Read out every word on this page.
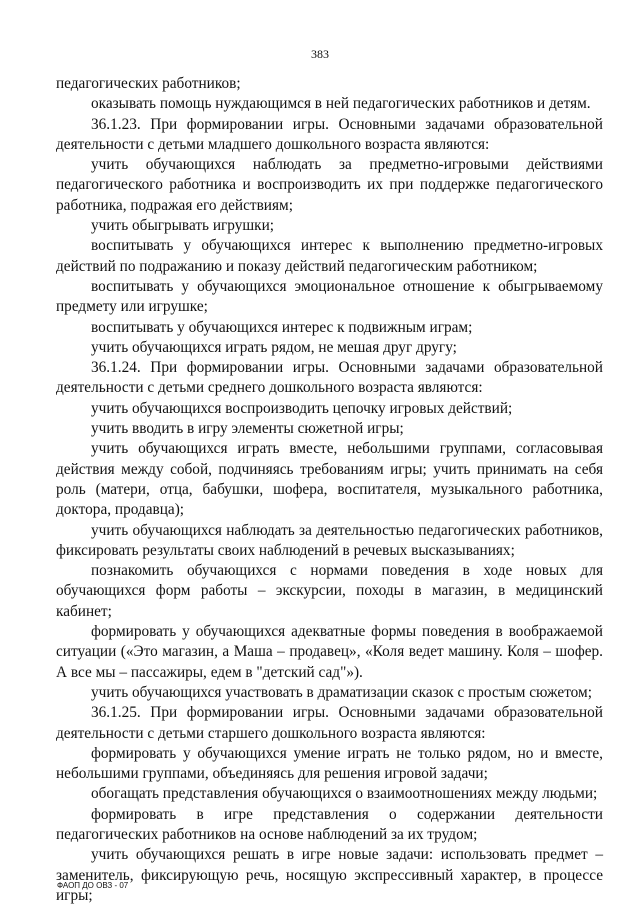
383

педагогических работников;

оказывать помощь нуждающимся в ней педагогических работников и детям.

36.1.23. При формировании игры. Основными задачами образовательной деятельности с детьми младшего дошкольного возраста являются:

учить обучающихся наблюдать за предметно-игровыми действиями педагогического работника и воспроизводить их при поддержке педагогического работника, подражая его действиям;

учить обыгрывать игрушки;

воспитывать у обучающихся интерес к выполнению предметно-игровых действий по подражанию и показу действий педагогическим работником;

воспитывать у обучающихся эмоциональное отношение к обыгрываемому предмету или игрушке;

воспитывать у обучающихся интерес к подвижным играм;

учить обучающихся играть рядом, не мешая друг другу;

36.1.24. При формировании игры. Основными задачами образовательной деятельности с детьми среднего дошкольного возраста являются:

учить обучающихся воспроизводить цепочку игровых действий;

учить вводить в игру элементы сюжетной игры;

учить обучающихся играть вместе, небольшими группами, согласовывая действия между собой, подчиняясь требованиям игры; учить принимать на себя роль (матери, отца, бабушки, шофера, воспитателя, музыкального работника, доктора, продавца);

учить обучающихся наблюдать за деятельностью педагогических работников, фиксировать результаты своих наблюдений в речевых высказываниях;

познакомить обучающихся с нормами поведения в ходе новых для обучающихся форм работы – экскурсии, походы в магазин, в медицинский кабинет;

формировать у обучающихся адекватные формы поведения в воображаемой ситуации («Это магазин, а Маша – продавец», «Коля ведет машину. Коля – шофер. А все мы – пассажиры, едем в "детский сад"»).

учить обучающихся участвовать в драматизации сказок с простым сюжетом;

36.1.25. При формировании игры. Основными задачами образовательной деятельности с детьми старшего дошкольного возраста являются:

формировать у обучающихся умение играть не только рядом, но и вместе, небольшими группами, объединяясь для решения игровой задачи;

обогащать представления обучающихся о взаимоотношениях между людьми;

формировать в игре представления о содержании деятельности педагогических работников на основе наблюдений за их трудом;

учить обучающихся решать в игре новые задачи: использовать предмет – заменитель, фиксирующую речь, носящую экспрессивный характер, в процессе игры;

ФАОП ДО ОВЗ - 07
